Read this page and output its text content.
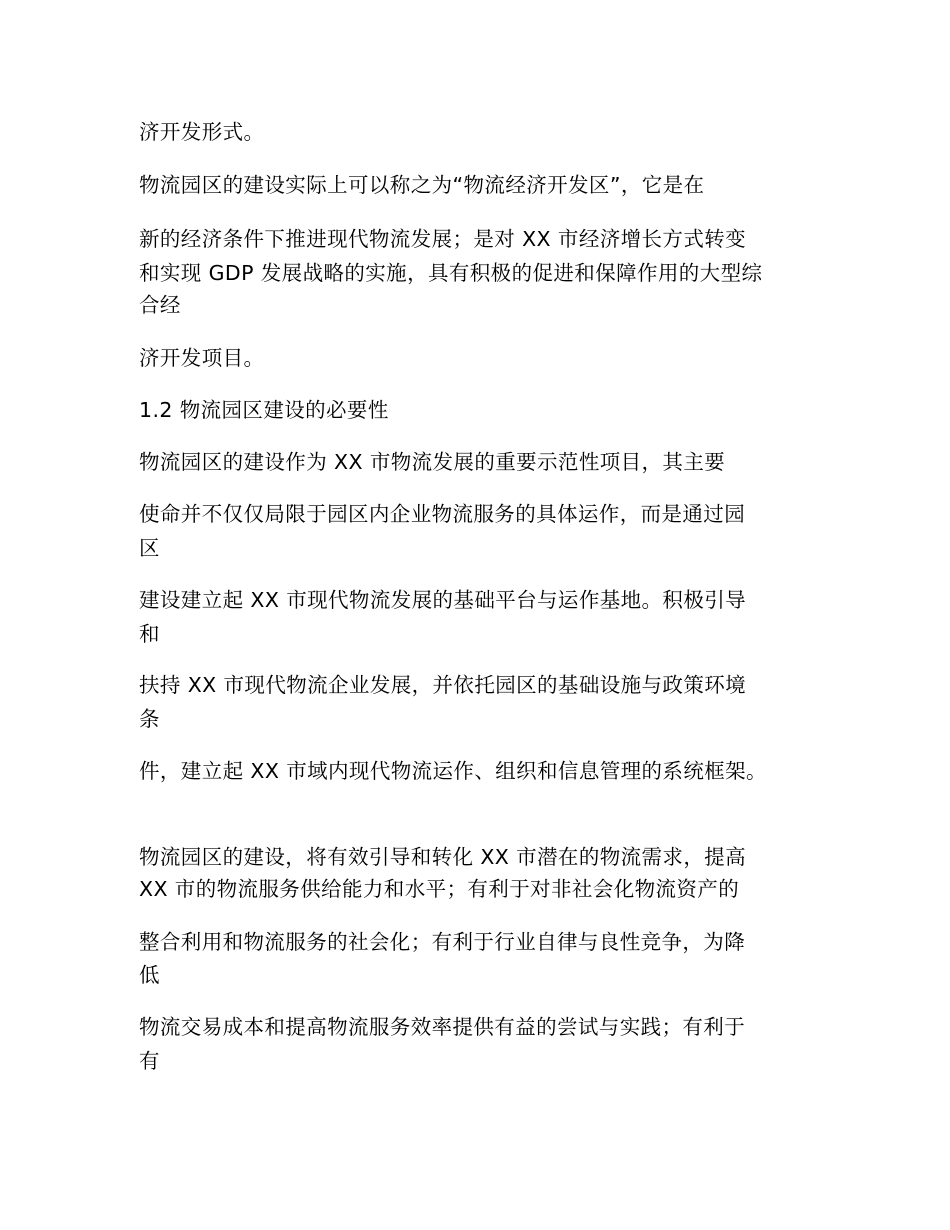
济开发形式。
物流园区的建设实际上可以称之为“物流经济开发区”，它是在
新的经济条件下推进现代物流发展；是对 XX 市经济增长方式转变
和实现 GDP 发展战略的实施，具有积极的促进和保障作用的大型综
合经
济开发项目。
1.2 物流园区建设的必要性
物流园区的建设作为 XX 市物流发展的重要示范性项目，其主要
使命并不仅仅局限于园区内企业物流服务的具体运作，而是通过园
区
建设建立起 XX 市现代物流发展的基础平台与运作基地。积极引导
和
扶持 XX 市现代物流企业发展，并依托园区的基础设施与政策环境
条
件，建立起 XX 市域内现代物流运作、组织和信息管理的系统框架。
物流园区的建设，将有效引导和转化 XX 市潜在的物流需求，提高
XX 市的物流服务供给能力和水平；有利于对非社会化物流资产的
整合利用和物流服务的社会化；有利于行业自律与良性竞争，为降
低
物流交易成本和提高物流服务效率提供有益的尝试与实践；有利于
有
